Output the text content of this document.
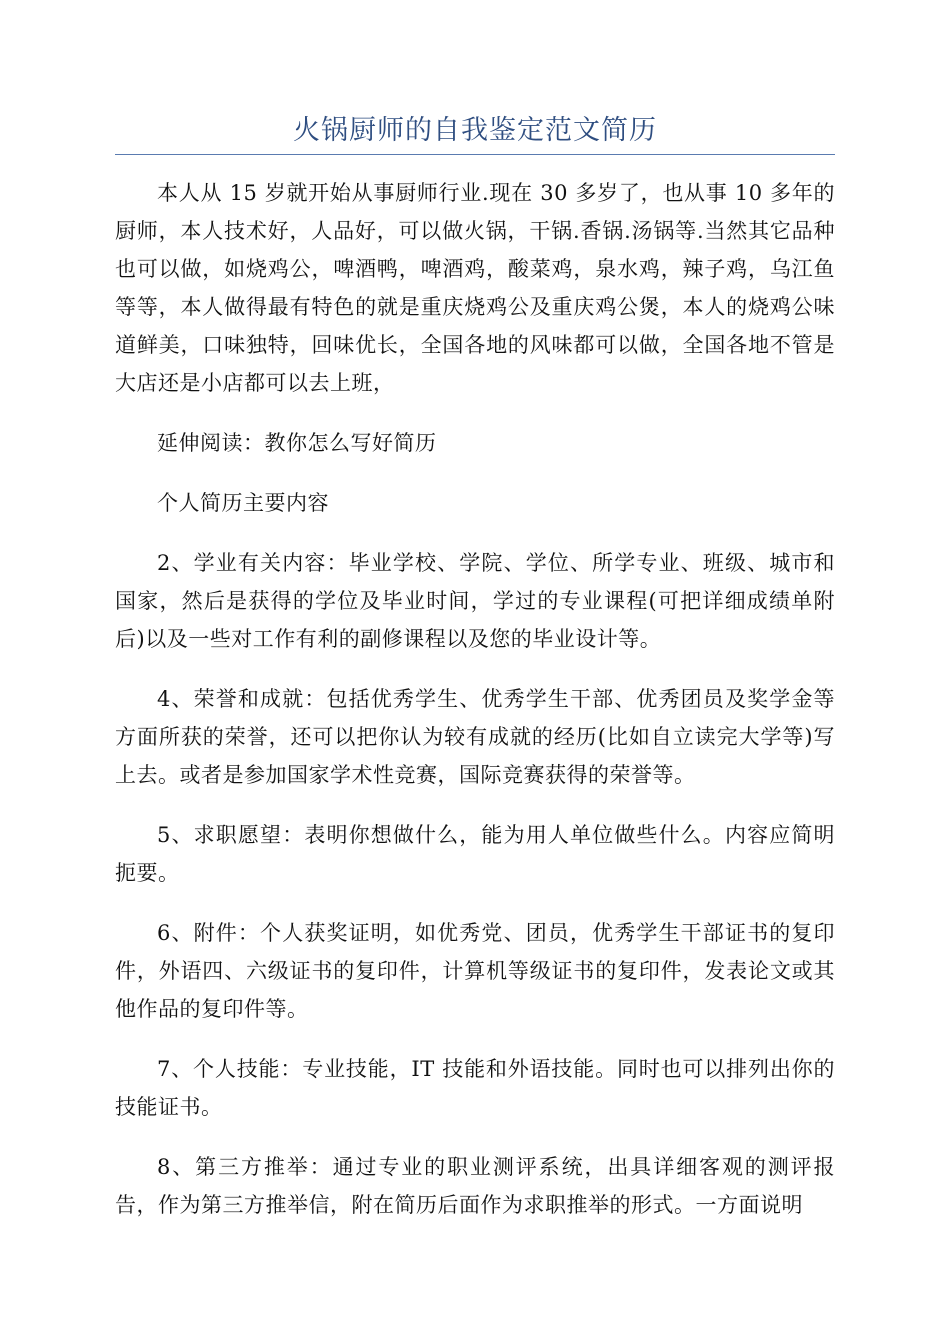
火锅厨师的自我鉴定范文简历

本人从 15 岁就开始从事厨师行业.现在 30 多岁了，也从事 10 多年的厨师，本人技术好，人品好，可以做火锅，干锅.香锅.汤锅等.当然其它品种也可以做，如烧鸡公，啤酒鸭，啤酒鸡，酸菜鸡，泉水鸡，辣子鸡，乌江鱼等等，本人做得最有特色的就是重庆烧鸡公及重庆鸡公煲，本人的烧鸡公味道鲜美，口味独特，回味优长，全国各地的风味都可以做，全国各地不管是大店还是小店都可以去上班，

延伸阅读：教你怎么写好简历

个人简历主要内容

2、学业有关内容：毕业学校、学院、学位、所学专业、班级、城市和国家，然后是获得的学位及毕业时间，学过的专业课程(可把详细成绩单附后)以及一些对工作有利的副修课程以及您的毕业设计等。

4、荣誉和成就：包括优秀学生、优秀学生干部、优秀团员及奖学金等方面所获的荣誉，还可以把你认为较有成就的经历(比如自立读完大学等)写上去。或者是参加国家学术性竞赛，国际竞赛获得的荣誉等。

5、求职愿望：表明你想做什么，能为用人单位做些什么。内容应简明扼要。

6、附件：个人获奖证明，如优秀党、团员，优秀学生干部证书的复印件，外语四、六级证书的复印件，计算机等级证书的复印件，发表论文或其他作品的复印件等。

7、个人技能：专业技能，IT 技能和外语技能。同时也可以排列出你的技能证书。

8、第三方推举：通过专业的职业测评系统，出具详细客观的测评报告，作为第三方推举信，附在简历后面作为求职推举的形式。一方面说明
